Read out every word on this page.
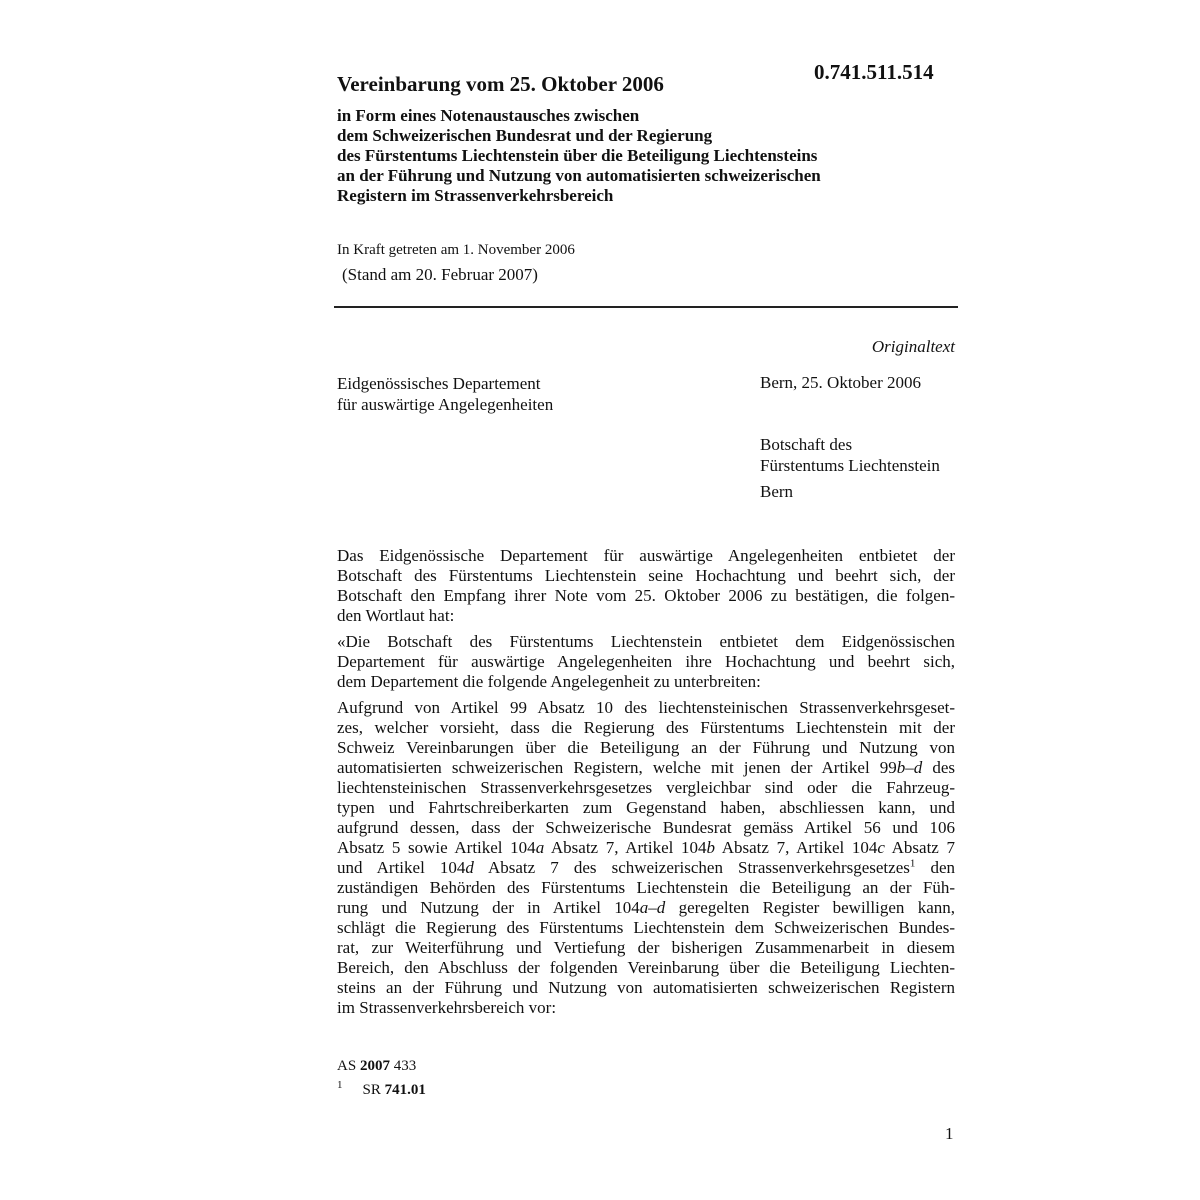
0.741.511.514
Vereinbarung vom 25. Oktober 2006
in Form eines Notenaustausches zwischen
dem Schweizerischen Bundesrat und der Regierung
des Fürstentums Liechtenstein über die Beteiligung Liechtensteins
an der Führung und Nutzung von automatisierten schweizerischen
Registern im Strassenverkehrsbereich
In Kraft getreten am 1. November 2006
(Stand am 20. Februar 2007)
Originaltext
Eidgenössisches Departement
für auswärtige Angelegenheiten
Bern, 25. Oktober 2006
Botschaft des
Fürstentums Liechtenstein
Bern

Das Eidgenössische Departement für auswärtige Angelegenheiten entbietet der
Botschaft des Fürstentums Liechtenstein seine Hochachtung und beehrt sich, der
Botschaft den Empfang ihrer Note vom 25. Oktober 2006 zu bestätigen, die folgen-
den Wortlaut hat:

«Die Botschaft des Fürstentums Liechtenstein entbietet dem Eidgenössischen
Departement für auswärtige Angelegenheiten ihre Hochachtung und beehrt sich,
dem Departement die folgende Angelegenheit zu unterbreiten:

Aufgrund von Artikel 99 Absatz 10 des liechtensteinischen Strassenverkehrsgeset-
zes, welcher vorsieht, dass die Regierung des Fürstentums Liechtenstein mit der
Schweiz Vereinbarungen über die Beteiligung an der Führung und Nutzung von
automatisierten schweizerischen Registern, welche mit jenen der Artikel 99b–d des
liechtensteinischen Strassenverkehrsgesetzes vergleichbar sind oder die Fahrzeug-
typen und Fahrtschreiberkarten zum Gegenstand haben, abschliessen kann, und
aufgrund dessen, dass der Schweizerische Bundesrat gemäss Artikel 56 und 106
Absatz 5 sowie Artikel 104a Absatz 7, Artikel 104b Absatz 7, Artikel 104c Absatz 7
und Artikel 104d Absatz 7 des schweizerischen Strassenverkehrsgesetzes$^1$ den
zuständigen Behörden des Fürstentums Liechtenstein die Beteiligung an der Füh-
rung und Nutzung der in Artikel 104a–d geregelten Register bewilligen kann,
schlägt die Regierung des Fürstentums Liechtenstein dem Schweizerischen Bundes-
rat, zur Weiterführung und Vertiefung der bisherigen Zusammenarbeit in diesem
Bereich, den Abschluss der folgenden Vereinbarung über die Beteiligung Liechten-
steins an der Führung und Nutzung von automatisierten schweizerischen Registern
im Strassenverkehrsbereich vor:

AS 2007 433
$^1$ SR 741.01
1
